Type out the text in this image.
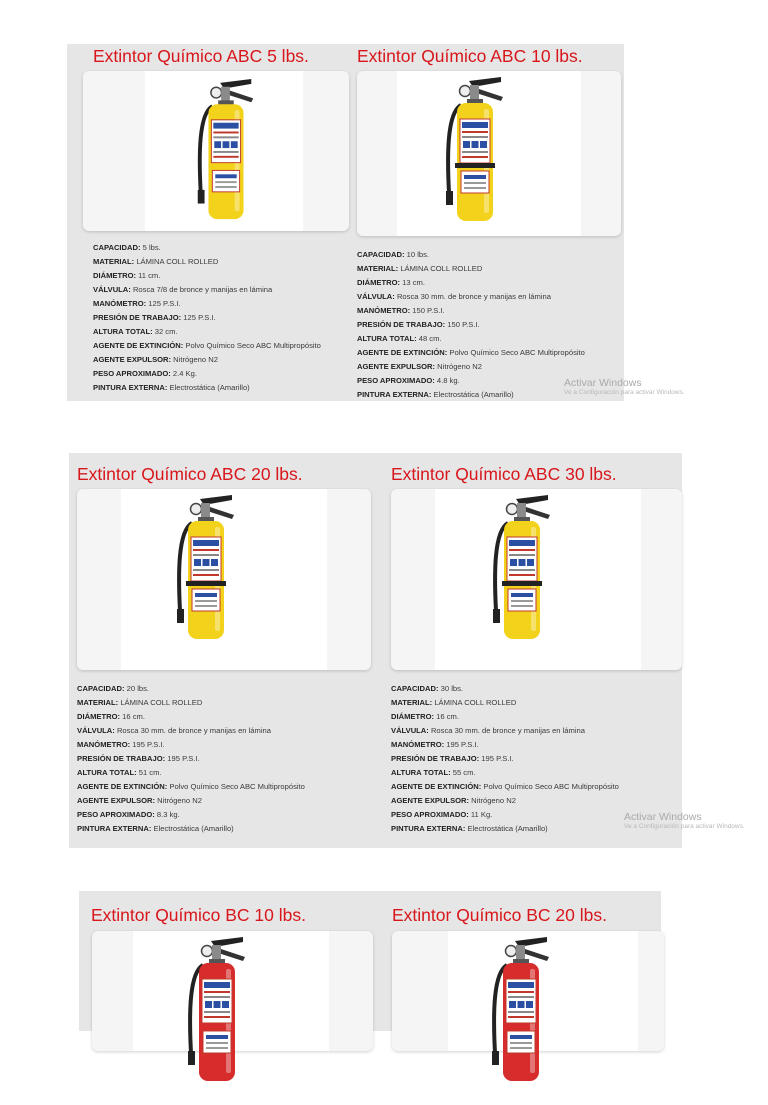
Extintor Químico ABC 5 lbs.
CAPACIDAD: 5 lbs.
MATERIAL: LÁMINA COLL ROLLED
DIÁMETRO: 11 cm.
VÁLVULA: Rosca 7/8 de bronce y manijas en lámina
MANÓMETRO: 125 P.S.I.
PRESIÓN DE TRABAJO: 125 P.S.I.
ALTURA TOTAL: 32 cm.
AGENTE DE EXTINCIÓN: Polvo Químico Seco ABC Multipropósito
AGENTE EXPULSOR: Nitrógeno N2
PESO APROXIMADO: 2.4 Kg.
PINTURA EXTERNA: Electrostática (Amarillo)
Extintor Químico ABC 10 lbs.
CAPACIDAD: 10 lbs.
MATERIAL: LÁMINA COLL ROLLED
DIÁMETRO: 13 cm.
VÁLVULA: Rosca 30 mm. de bronce y manijas en lámina
MANÓMETRO: 150 P.S.I.
PRESIÓN DE TRABAJO: 150 P.S.I.
ALTURA TOTAL: 48 cm.
AGENTE DE EXTINCIÓN: Polvo Químico Seco ABC Multipropósito
AGENTE EXPULSOR: Nitrógeno N2
PESO APROXIMADO: 4.8 kg.
PINTURA EXTERNA: Electrostática (Amarillo)
Activar Windows
Ve a Configuración para activar Windows.
Extintor Químico ABC 20 lbs.
CAPACIDAD: 20 lbs.
MATERIAL: LÁMINA COLL ROLLED
DIÁMETRO: 16 cm.
VÁLVULA: Rosca 30 mm. de bronce y manijas en lámina
MANÓMETRO: 195 P.S.I.
PRESIÓN DE TRABAJO: 195 P.S.I.
ALTURA TOTAL: 51 cm.
AGENTE DE EXTINCIÓN: Polvo Químico Seco ABC Multipropósito
AGENTE EXPULSOR: Nitrógeno N2
PESO APROXIMADO: 8.3 kg.
PINTURA EXTERNA: Electrostática (Amarillo)
Extintor Químico ABC 30 lbs.
CAPACIDAD: 30 lbs.
MATERIAL: LÁMINA COLL ROLLED
DIÁMETRO: 16 cm.
VÁLVULA: Rosca 30 mm. de bronce y manijas en lámina
MANÓMETRO: 195 P.S.I.
PRESIÓN DE TRABAJO: 195 P.S.I.
ALTURA TOTAL: 55 cm.
AGENTE DE EXTINCIÓN: Polvo Químico Seco ABC Multipropósito
AGENTE EXPULSOR: Nitrógeno N2
PESO APROXIMADO: 11 Kg.
PINTURA EXTERNA: Electrostática (Amarillo)
Activar Windows
Ve a Configuración para activar Windows.
Extintor Químico BC 10 lbs.	Extintor Químico BC 20 lbs.
